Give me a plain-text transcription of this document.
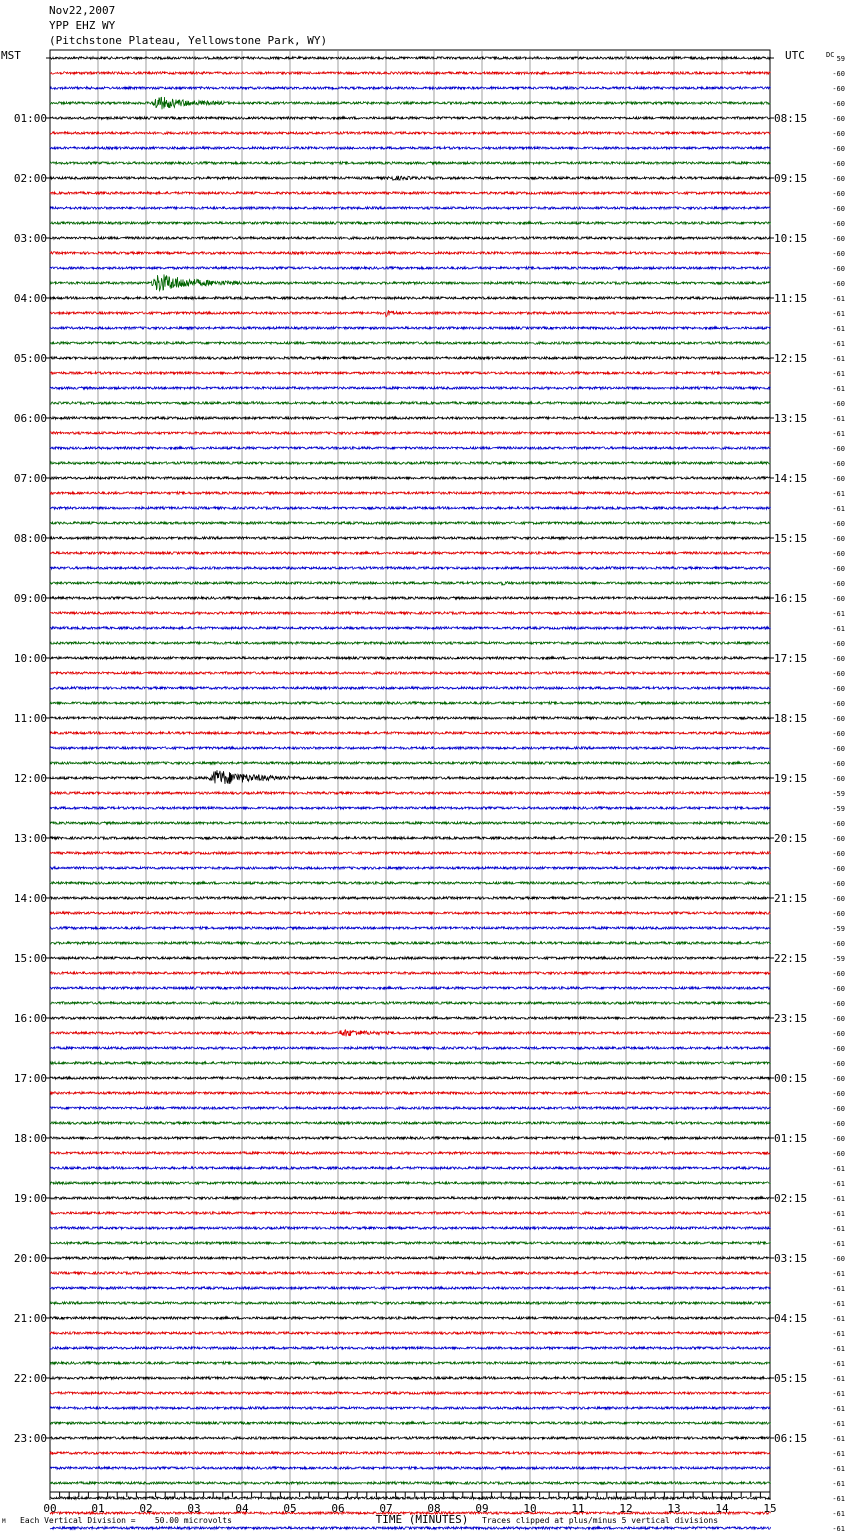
Nov22,2007
YPP EHZ WY
(Pitchstone Plateau, Yellowstone Park, WY)
MST	UTC	59
-60
-60
-60
-60
-60
-60
-60
-60
-60
-60
-60
-60
-60
-60
-60
-61
-61
-61
-61
-61
-61
-61
-60
-61
-61
-60
-60
-60
-61
-61
-60
-60
-60
-60
-60
-60
-61
-61
-60
-60
-60
-60
-60
-60
-60
-60
-60
-60
-59
-59
-60
-60
-60
-60
-60
-60
-60
-59
-60
-59
-60
-60
-60
-60
-60
-60
-60
-60
-60
-60
-60
-60
-60
-61
-61
-61
-61
-61
-61
-60
-61
-61
-61
-61
-61
-61
-61
-61
-61
-61
-61
-61
-61
-61
-61
-61
-61
-61
DC
01:00	08:15
02:00	09:15
03:00	10:15
04:00	11:15
05:00	12:15
06:00	13:15
07:00	14:15
08:00	15:15
09:00	16:15
10:00	17:15
11:00	18:15
12:00	19:15
13:00	20:15
14:00	21:15
15:00	22:15
16:00	23:15
17:00	00:15
18:00	01:15
19:00	02:15
20:00	03:15
21:00	04:15
22:00	05:15
23:00	06:15
00	01	02	03	04	05	06	07	08	09	10	11	12	13	14	15
TIME (MINUTES)
M Each Vertical Division =    50.00 microvolts	Traces clipped at plus/minus 5 vertical divisions
